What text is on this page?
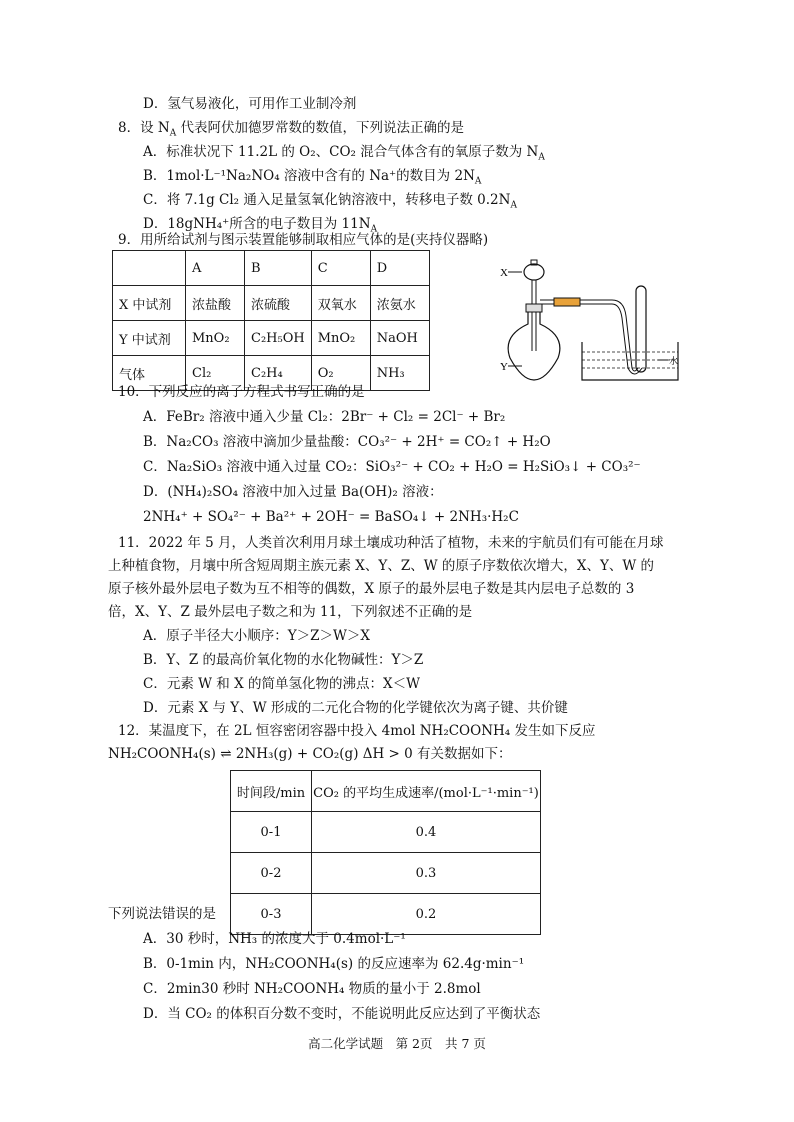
D．氢气易液化，可用作工业制冷剂
8．设 $N_A$ 代表阿伏加德罗常数的数值，下列说法正确的是
A．标准状况下 11.2L 的 O₂、CO₂ 混合气体含有的氧原子数为 $N_A$
B．1mol·L⁻¹Na₂NO₄ 溶液中含有的 Na⁺的数目为 $2N_A$
C．将 7.1g Cl₂ 通入足量氢氧化钠溶液中，转移电子数 $0.2N_A$
D．18gNH₄⁺所含的电子数目为 $11N_A$
9．用所给试剂与图示装置能够制取相应气体的是(夹持仪器略)
	A	B	C	D
X 中试剂	浓盐酸	浓硫酸	双氧水	浓氨水
Y 中试剂	MnO₂	C₂H₅OH	MnO₂	NaOH
气体	Cl₂	C₂H₄	O₂	NH₃
X
Y	水
10．下列反应的离子方程式书写正确的是
A．FeBr₂ 溶液中通入少量 Cl₂：2Br⁻ + Cl₂ = 2Cl⁻ + Br₂
B．Na₂CO₃ 溶液中滴加少量盐酸：CO₃²⁻ + 2H⁺ = CO₂↑ + H₂O
C．Na₂SiO₃ 溶液中通入过量 CO₂：SiO₃²⁻ + CO₂ + H₂O = H₂SiO₃↓ + CO₃²⁻
D．(NH₄)₂SO₄ 溶液中加入过量 Ba(OH)₂ 溶液：
2NH₄⁺ + SO₄²⁻ + Ba²⁺ + 2OH⁻ = BaSO₄↓ + 2NH₃·H₂C
11．2022 年 5 月，人类首次利用月球土壤成功种活了植物，未来的宇航员们有可能在月球
上种植食物，月壤中所含短周期主族元素 X、Y、Z、W 的原子序数依次增大，X、Y、W 的
原子核外最外层电子数为互不相等的偶数，X 原子的最外层电子数是其内层电子总数的 3
倍，X、Y、Z 最外层电子数之和为 11，下列叙述不正确的是
A．原子半径大小顺序：Y＞Z＞W＞X
B．Y、Z 的最高价氧化物的水化物碱性：Y＞Z
C．元素 W 和 X 的简单氢化物的沸点：X＜W
D．元素 X 与 Y、W 形成的二元化合物的化学键依次为离子键、共价键
12．某温度下，在 2L 恒容密闭容器中投入 4mol NH₂COONH₄ 发生如下反应
NH₂COONH₄(s) ⇌ 2NH₃(g) + CO₂(g) ΔH > 0 有关数据如下：
时间段/min	CO₂ 的平均生成速率/(mol·L⁻¹·min⁻¹)
0-1	0.4
0-2	0.3
0-3	0.2
下列说法错误的是
A．30 秒时，NH₃ 的浓度大于 0.4mol·L⁻¹
B．0-1min 内，NH₂COONH₄(s) 的反应速率为 62.4g·min⁻¹
C．2min30 秒时 NH₂COONH₄ 物质的量小于 2.8mol
D．当 CO₂ 的体积百分数不变时，不能说明此反应达到了平衡状态
高二化学试题　第 2页　共 7 页
